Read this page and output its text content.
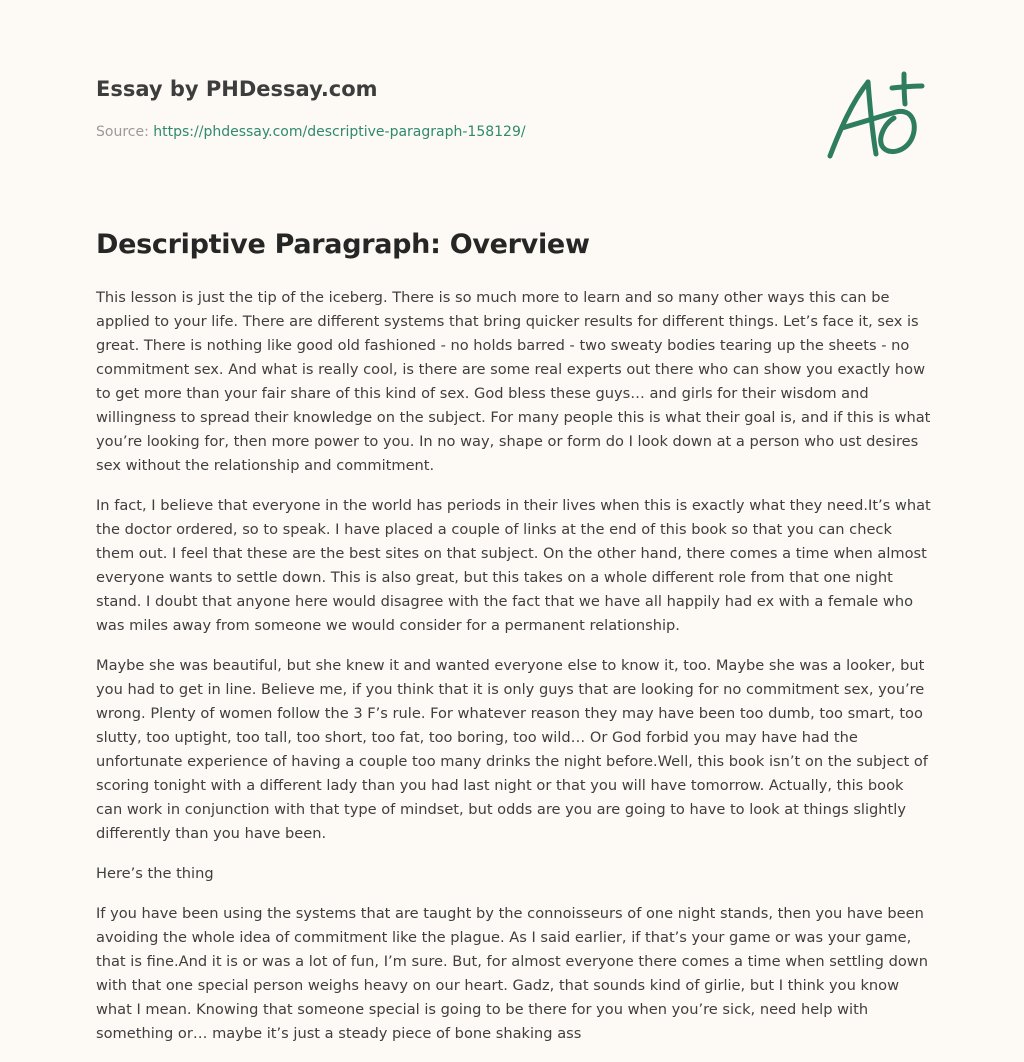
Essay by PHDessay.com
Source: https://phdessay.com/descriptive-paragraph-158129/
Descriptive Paragraph: Overview

This lesson is just the tip of the iceberg. There is so much more to learn and so many other ways this can be applied to your life. There are different systems that bring quicker results for different things. Let’s face it, sex is great. There is nothing like good old fashioned - no holds barred - two sweaty bodies tearing up the sheets - no commitment sex. And what is really cool, is there are some real experts out there who can show you exactly how to get more than your fair share of this kind of sex. God bless these guys… and girls for their wisdom and willingness to spread their knowledge on the subject. For many people this is what their goal is, and if this is what you’re looking for, then more power to you. In no way, shape or form do I look down at a person who ust desires sex without the relationship and commitment.

In fact, I believe that everyone in the world has periods in their lives when this is exactly what they need.It’s what the doctor ordered, so to speak. I have placed a couple of links at the end of this book so that you can check them out. I feel that these are the best sites on that subject. On the other hand, there comes a time when almost everyone wants to settle down. This is also great, but this takes on a whole different role from that one night stand. I doubt that anyone here would disagree with the fact that we have all happily had ex with a female who was miles away from someone we would consider for a permanent relationship.

Maybe she was beautiful, but she knew it and wanted everyone else to know it, too. Maybe she was a looker, but you had to get in line. Believe me, if you think that it is only guys that are looking for no commitment sex, you’re wrong. Plenty of women follow the 3 F’s rule. For whatever reason they may have been too dumb, too smart, too slutty, too uptight, too tall, too short, too fat, too boring, too wild… Or God forbid you may have had the unfortunate experience of having a couple too many drinks the night before.Well, this book isn’t on the subject of scoring tonight with a different lady than you had last night or that you will have tomorrow. Actually, this book can work in conjunction with that type of mindset, but odds are you are going to have to look at things slightly differently than you have been.

Here’s the thing

If you have been using the systems that are taught by the connoisseurs of one night stands, then you have been avoiding the whole idea of commitment like the plague. As I said earlier, if that’s your game or was your game, that is fine.And it is or was a lot of fun, I’m sure. But, for almost everyone there comes a time when settling down with that one special person weighs heavy on our heart. Gadz, that sounds kind of girlie, but I think you know what I mean. Knowing that someone special is going to be there for you when you’re sick, need help with something or… maybe it’s just a steady piece of bone shaking ass
